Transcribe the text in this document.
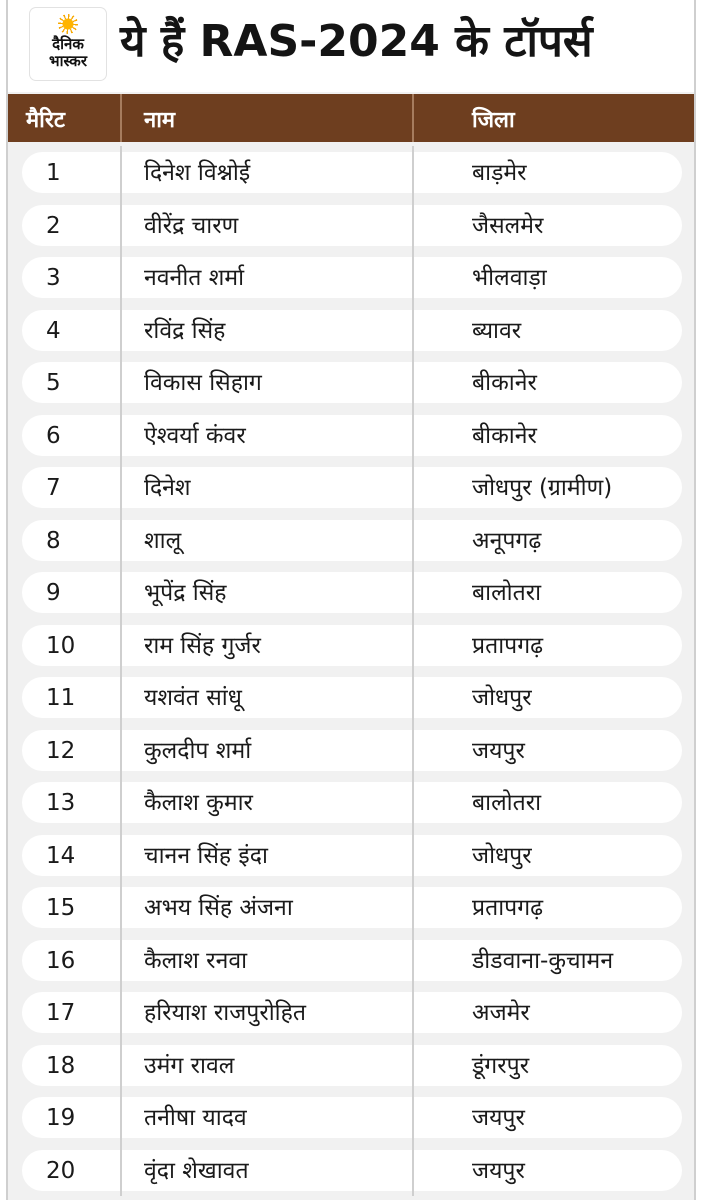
दैनिक
भास्कर ये हैं RAS-2024 के टॉपर्स
मैरिट	नाम	जिला
1	दिनेश विश्नोई	बाड़मेर
2	वीरेंद्र चारण	जैसलमेर
3	नवनीत शर्मा	भीलवाड़ा
4	रविंद्र सिंह	ब्यावर
5	विकास सिहाग	बीकानेर
6	ऐश्वर्या कंवर	बीकानेर
7	दिनेश	जोधपुर (ग्रामीण)
8	शालू	अनूपगढ़
9	भूपेंद्र सिंह	बालोतरा
10	राम सिंह गुर्जर	प्रतापगढ़
11	यशवंत सांधू	जोधपुर
12	कुलदीप शर्मा	जयपुर
13	कैलाश कुमार	बालोतरा
14	चानन सिंह इंदा	जोधपुर
15	अभय सिंह अंजना	प्रतापगढ़
16	कैलाश रनवा	डीडवाना-कुचामन
17	हरियाश राजपुरोहित	अजमेर
18	उमंग रावल	डूंगरपुर
19	तनीषा यादव	जयपुर
20	वृंदा शेखावत	जयपुर
